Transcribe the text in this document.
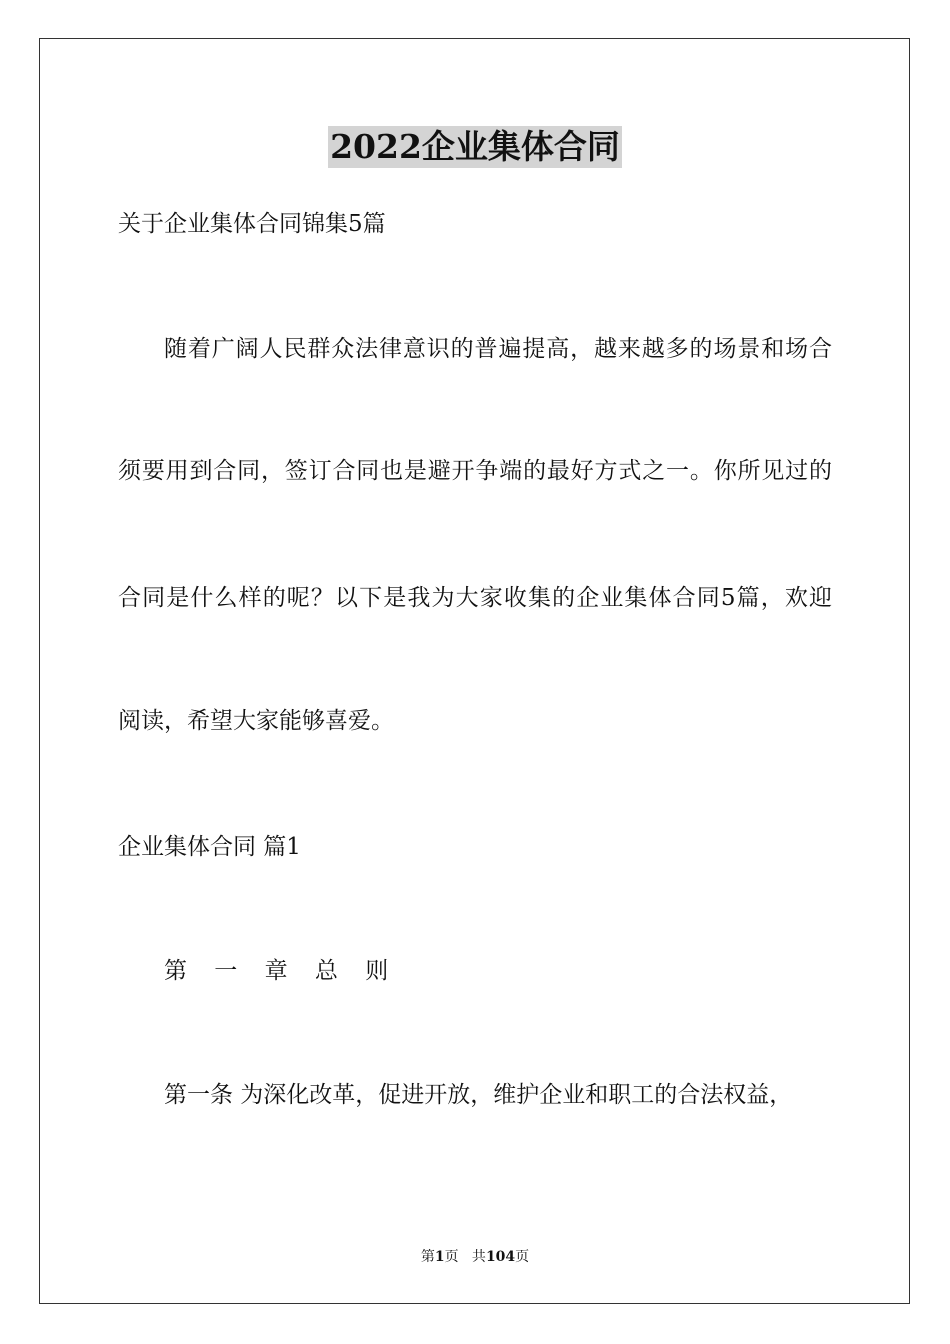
2022企业集体合同
关于企业集体合同锦集5篇
随着广阔人民群众法律意识的普遍提高，越来越多的场景和场合
须要用到合同，签订合同也是避开争端的最好方式之一。你所见过的
合同是什么样的呢？以下是我为大家收集的企业集体合同5篇，欢迎
阅读，希望大家能够喜爱。
企业集体合同 篇1
第 一 章 总 则
第一条 为深化改革，促进开放，维护企业和职工的合法权益，
第1页   共104页
